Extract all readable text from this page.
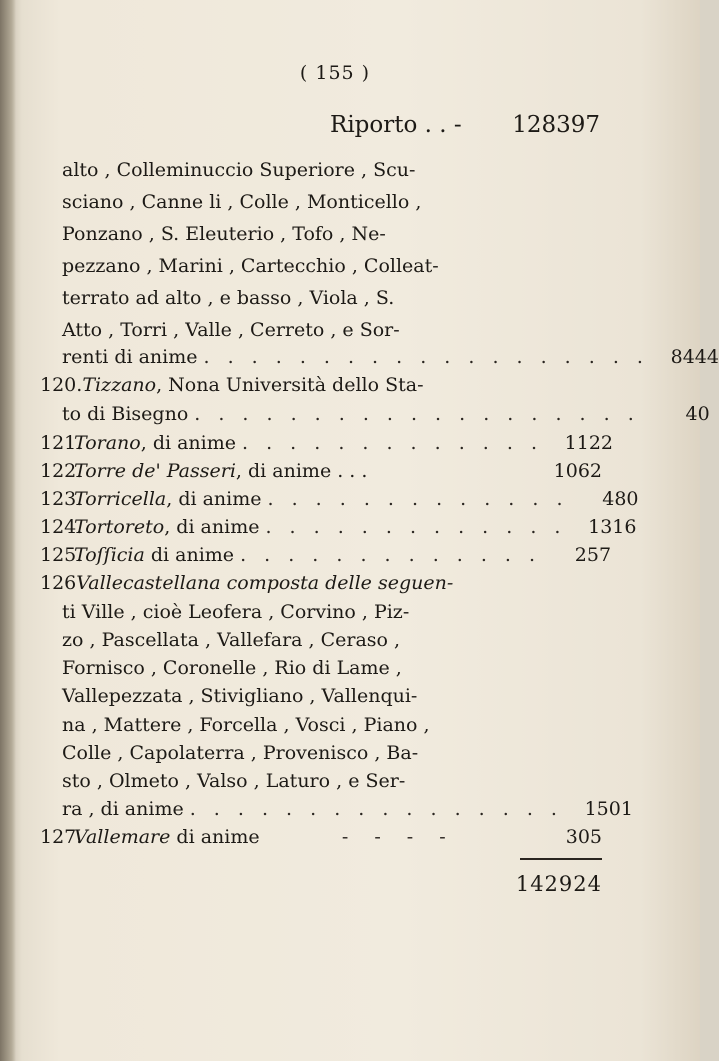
( 155 )
Riporto . . - 128397
alto , Colleminuccio Superiore , Scu-
sciano , Canne li , Colle , Monticello ,
Ponzano , S. Eleuterio , Tofo , Ne-
pezzano , Marini , Cartecchio , Colleat-
terrato ad alto , e basso , Viola , S.
Atto , Torri , Valle , Cerreto , e Sor-
renti di anime . . . . . . . . . . . . . . . . . . .	8444
120.Tizzano, Nona Università dello Sta-
to di Bisegno . . . . . . . . . . . . . . . . . . .	40
121.Torano, di anime . . . . . . . . . . . . .	1122
122.Torre de' Passeri, di anime . . .	1062
123.Torricella, di anime . . . . . . . . . . . . .	480
124.Tortoreto, di anime . . . . . . . . . . . . .	1316
125.Toſſicia di anime . . . . . . . . . . . . .	257
126Vallecastellana composta delle seguen-
ti Ville , cioè Leofera , Corvino , Piz-
zo , Pascellata , Vallefara , Ceraso ,
Fornisco , Coronelle , Rio di Lame ,
Vallepezzata , Stivigliano , Vallenqui-
na , Mattere , Forcella , Vosci , Piano ,
Colle , Capolaterra , Provenisco , Ba-
sto , Olmeto , Valso , Laturo , e Ser-
ra , di anime . . . . . . . . . . . . . . . .	1501
127.Vallemare di anime	- - - -	305
142924
